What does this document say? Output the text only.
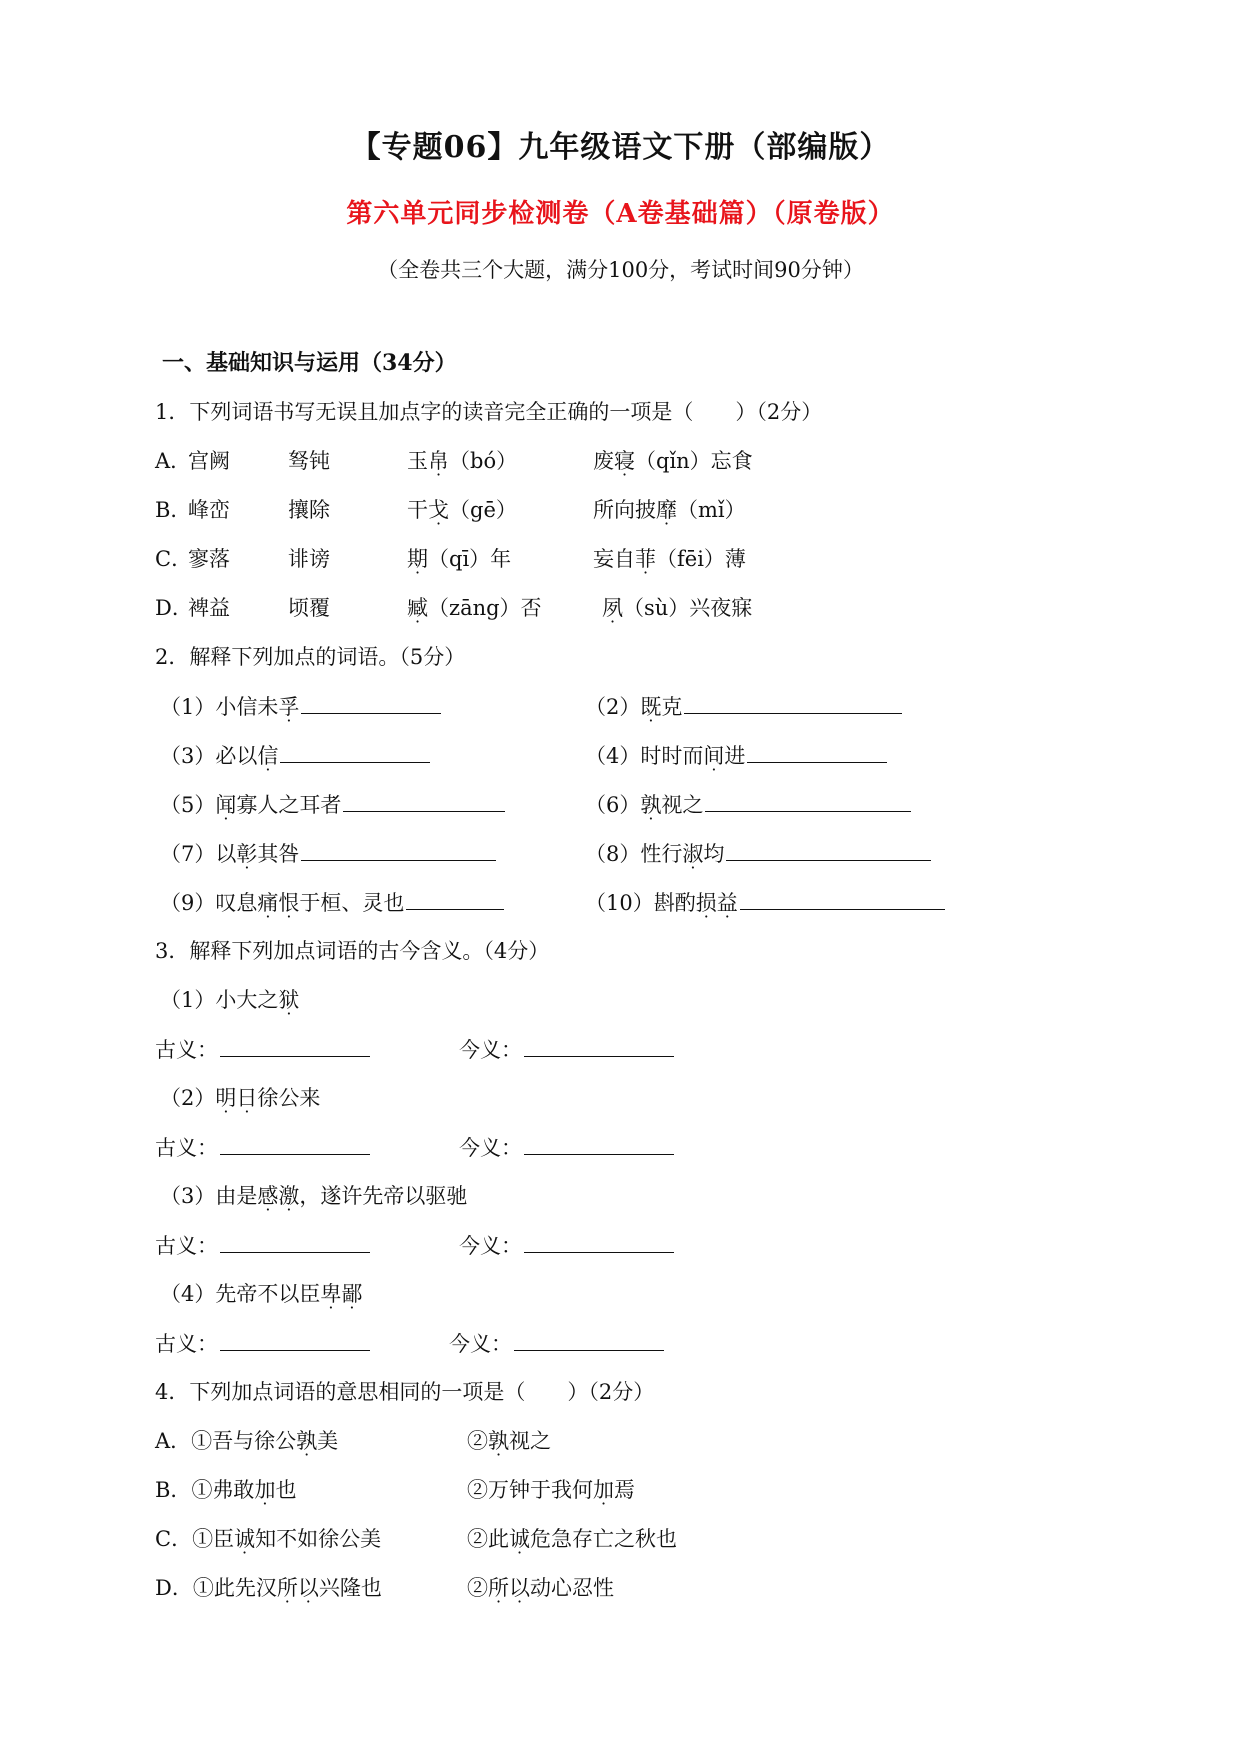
【专题06】九年级语文下册（部编版）
第六单元同步检测卷（A卷基础篇）（原卷版）
（全卷共三个大题，满分100分，考试时间90分钟）
一、基础知识与运用（34分）
1．下列词语书写无误且加点字的读音完全正确的一项是（　　）（2分）
A．
宫阙	驽钝	玉帛（bó）	废寝（qǐn）忘食
B．
峰峦	攘除	干戈（gē）	所向披靡（mǐ）
C．
寥落	诽谤	期（qī）年	妄自菲（fēi）薄
D．
裨益	顷覆	臧（zāng）否	夙（sù）兴夜寐
2．解释下列加点的词语。（5分）
（1）小信未孚	（2）既克
（3）必以信	（4）时时而间进
（5）闻寡人之耳者	（6）孰视之
（7）以彰其咎	（8）性行淑均
（9）叹息痛恨于桓、灵也	（10）斟酌损益
3．解释下列加点词语的古今含义。（4分）
（1）小大之狱
古义：	今义：
（2）明日徐公来
古义：	今义：
（3）由是感激，遂许先帝以驱驰
古义：	今义：
（4）先帝不以臣卑鄙
古义：	今义：
4．下列加点词语的意思相同的一项是（　　）（2分）
A．①吾与徐公孰美	②孰视之
B．①弗敢加也	②万钟于我何加焉
C．①臣诚知不如徐公美	②此诚危急存亡之秋也
D．①此先汉所以兴隆也	②所以动心忍性
